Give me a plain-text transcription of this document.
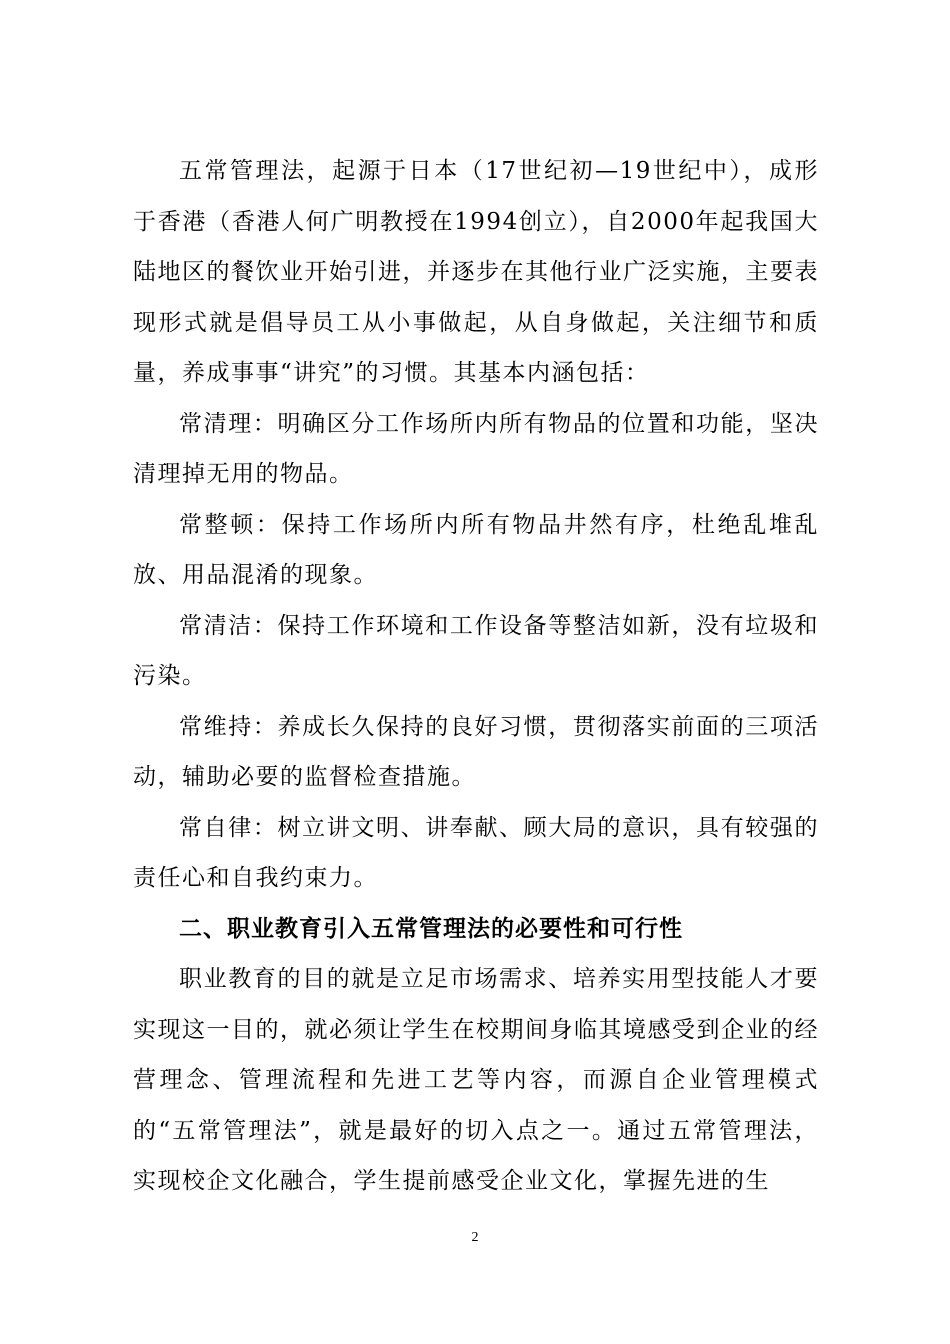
五常管理法，起源于日本（17世纪初—19世纪中），成形于香港（香港人何广明教授在1994创立），自2000年起我国大陆地区的餐饮业开始引进，并逐步在其他行业广泛实施，主要表现形式就是倡导员工从小事做起，从自身做起，关注细节和质量，养成事事“讲究”的习惯。其基本内涵包括：

常清理：明确区分工作场所内所有物品的位置和功能，坚决清理掉无用的物品。

常整顿：保持工作场所内所有物品井然有序，杜绝乱堆乱放、用品混淆的现象。

常清洁：保持工作环境和工作设备等整洁如新，没有垃圾和污染。

常维持：养成长久保持的良好习惯，贯彻落实前面的三项活动，辅助必要的监督检查措施。

常自律：树立讲文明、讲奉献、顾大局的意识，具有较强的责任心和自我约束力。

二、职业教育引入五常管理法的必要性和可行性

职业教育的目的就是立足市场需求、培养实用型技能人才要实现这一目的，就必须让学生在校期间身临其境感受到企业的经营理念、管理流程和先进工艺等内容，而源自企业管理模式的“五常管理法”，就是最好的切入点之一。通过五常管理法，实现校企文化融合，学生提前感受企业文化，掌握先进的生

2
